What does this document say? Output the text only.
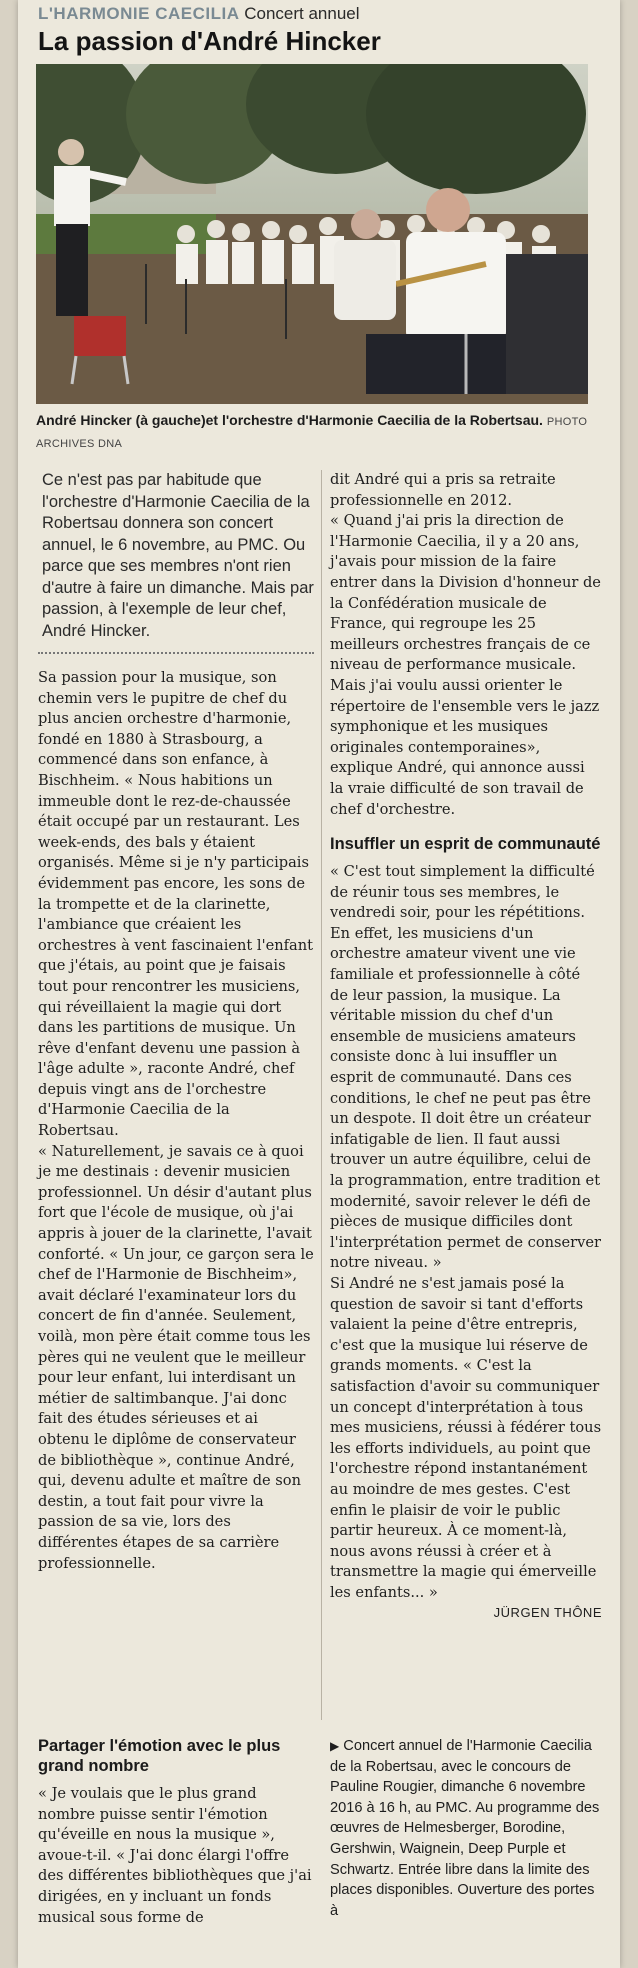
L'HARMONIE CAECILIA Concert annuel
La passion d'André Hincker
André Hincker (à gauche)et l'orchestre d'Harmonie Caecilia de la Robertsau. PHOTO ARCHIVES DNA

Ce n'est pas par habitude que l'orchestre d'Harmonie Caecilia de la Robertsau donnera son concert annuel, le 6 novembre, au PMC. Ou parce que ses membres n'ont rien d'autre à faire un dimanche. Mais par passion, à l'exemple de leur chef, André Hincker.

Sa passion pour la musique, son chemin vers le pupitre de chef du plus ancien orchestre d'harmonie, fondé en 1880 à Strasbourg, a commencé dans son enfance, à Bischheim. « Nous habitions un immeuble dont le rez-de-chaussée était occupé par un restaurant. Les week-ends, des bals y étaient organisés. Même si je n'y participais évidemment pas encore, les sons de la trompette et de la clarinette, l'ambiance que créaient les orchestres à vent fascinaient l'enfant que j'étais, au point que je faisais tout pour rencontrer les musiciens, qui réveillaient la magie qui dort dans les partitions de musique. Un rêve d'enfant devenu une passion à l'âge adulte », raconte André, chef depuis vingt ans de l'orchestre d'Harmonie Caecilia de la Robertsau.

« Naturellement, je savais ce à quoi je me destinais : devenir musicien professionnel. Un désir d'autant plus fort que l'école de musique, où j'ai appris à jouer de la clarinette, l'avait conforté. « Un jour, ce garçon sera le chef de l'Harmonie de Bischheim», avait déclaré l'examinateur lors du concert de fin d'année. Seulement, voilà, mon père était comme tous les pères qui ne veulent que le meilleur pour leur enfant, lui interdisant un métier de saltimbanque. J'ai donc fait des études sérieuses et ai obtenu le diplôme de conservateur de bibliothèque », continue André, qui, devenu adulte et maître de son destin, a tout fait pour vivre la passion de sa vie, lors des différentes étapes de sa carrière professionnelle.

dit André qui a pris sa retraite professionnelle en 2012.

« Quand j'ai pris la direction de l'Harmonie Caecilia, il y a 20 ans, j'avais pour mission de la faire entrer dans la Division d'honneur de la Confédération musicale de France, qui regroupe les 25 meilleurs orchestres français de ce niveau de performance musicale. Mais j'ai voulu aussi orienter le répertoire de l'ensemble vers le jazz symphonique et les musiques originales contemporaines», explique André, qui annonce aussi la vraie difficulté de son travail de chef d'orchestre.

Insuffler un esprit de communauté

« C'est tout simplement la difficulté de réunir tous ses membres, le vendredi soir, pour les répétitions. En effet, les musiciens d'un orchestre amateur vivent une vie familiale et professionnelle à côté de leur passion, la musique. La véritable mission du chef d'un ensemble de musiciens amateurs consiste donc à lui insuffler un esprit de communauté. Dans ces conditions, le chef ne peut pas être un despote. Il doit être un créateur infatigable de lien. Il faut aussi trouver un autre équilibre, celui de la programmation, entre tradition et modernité, savoir relever le défi de pièces de musique difficiles dont l'interprétation permet de conserver notre niveau. »

Si André ne s'est jamais posé la question de savoir si tant d'efforts valaient la peine d'être entrepris, c'est que la musique lui réserve de grands moments. « C'est la satisfaction d'avoir su communiquer un concept d'interprétation à tous mes musiciens, réussi à fédérer tous les efforts individuels, au point que l'orchestre répond instantanément au moindre de mes gestes. C'est enfin le plaisir de voir le public partir heureux. À ce moment-là, nous avons réussi à créer et à transmettre la magie qui émerveille les enfants... »

JÜRGEN THÔNE
Partager l'émotion avec le plus grand nombre

« Je voulais que le plus grand nombre puisse sentir l'émotion qu'éveille en nous la musique », avoue-t-il. « J'ai donc élargi l'offre des différentes bibliothèques que j'ai dirigées, en y incluant un fonds musical sous forme de

▶ Concert annuel de l'Harmonie Caecilia de la Robertsau, avec le concours de Pauline Rougier, dimanche 6 novembre 2016 à 16 h, au PMC. Au programme des œuvres de Helmesberger, Borodine, Gershwin, Waignein, Deep Purple et Schwartz. Entrée libre dans la limite des places disponibles. Ouverture des portes à
